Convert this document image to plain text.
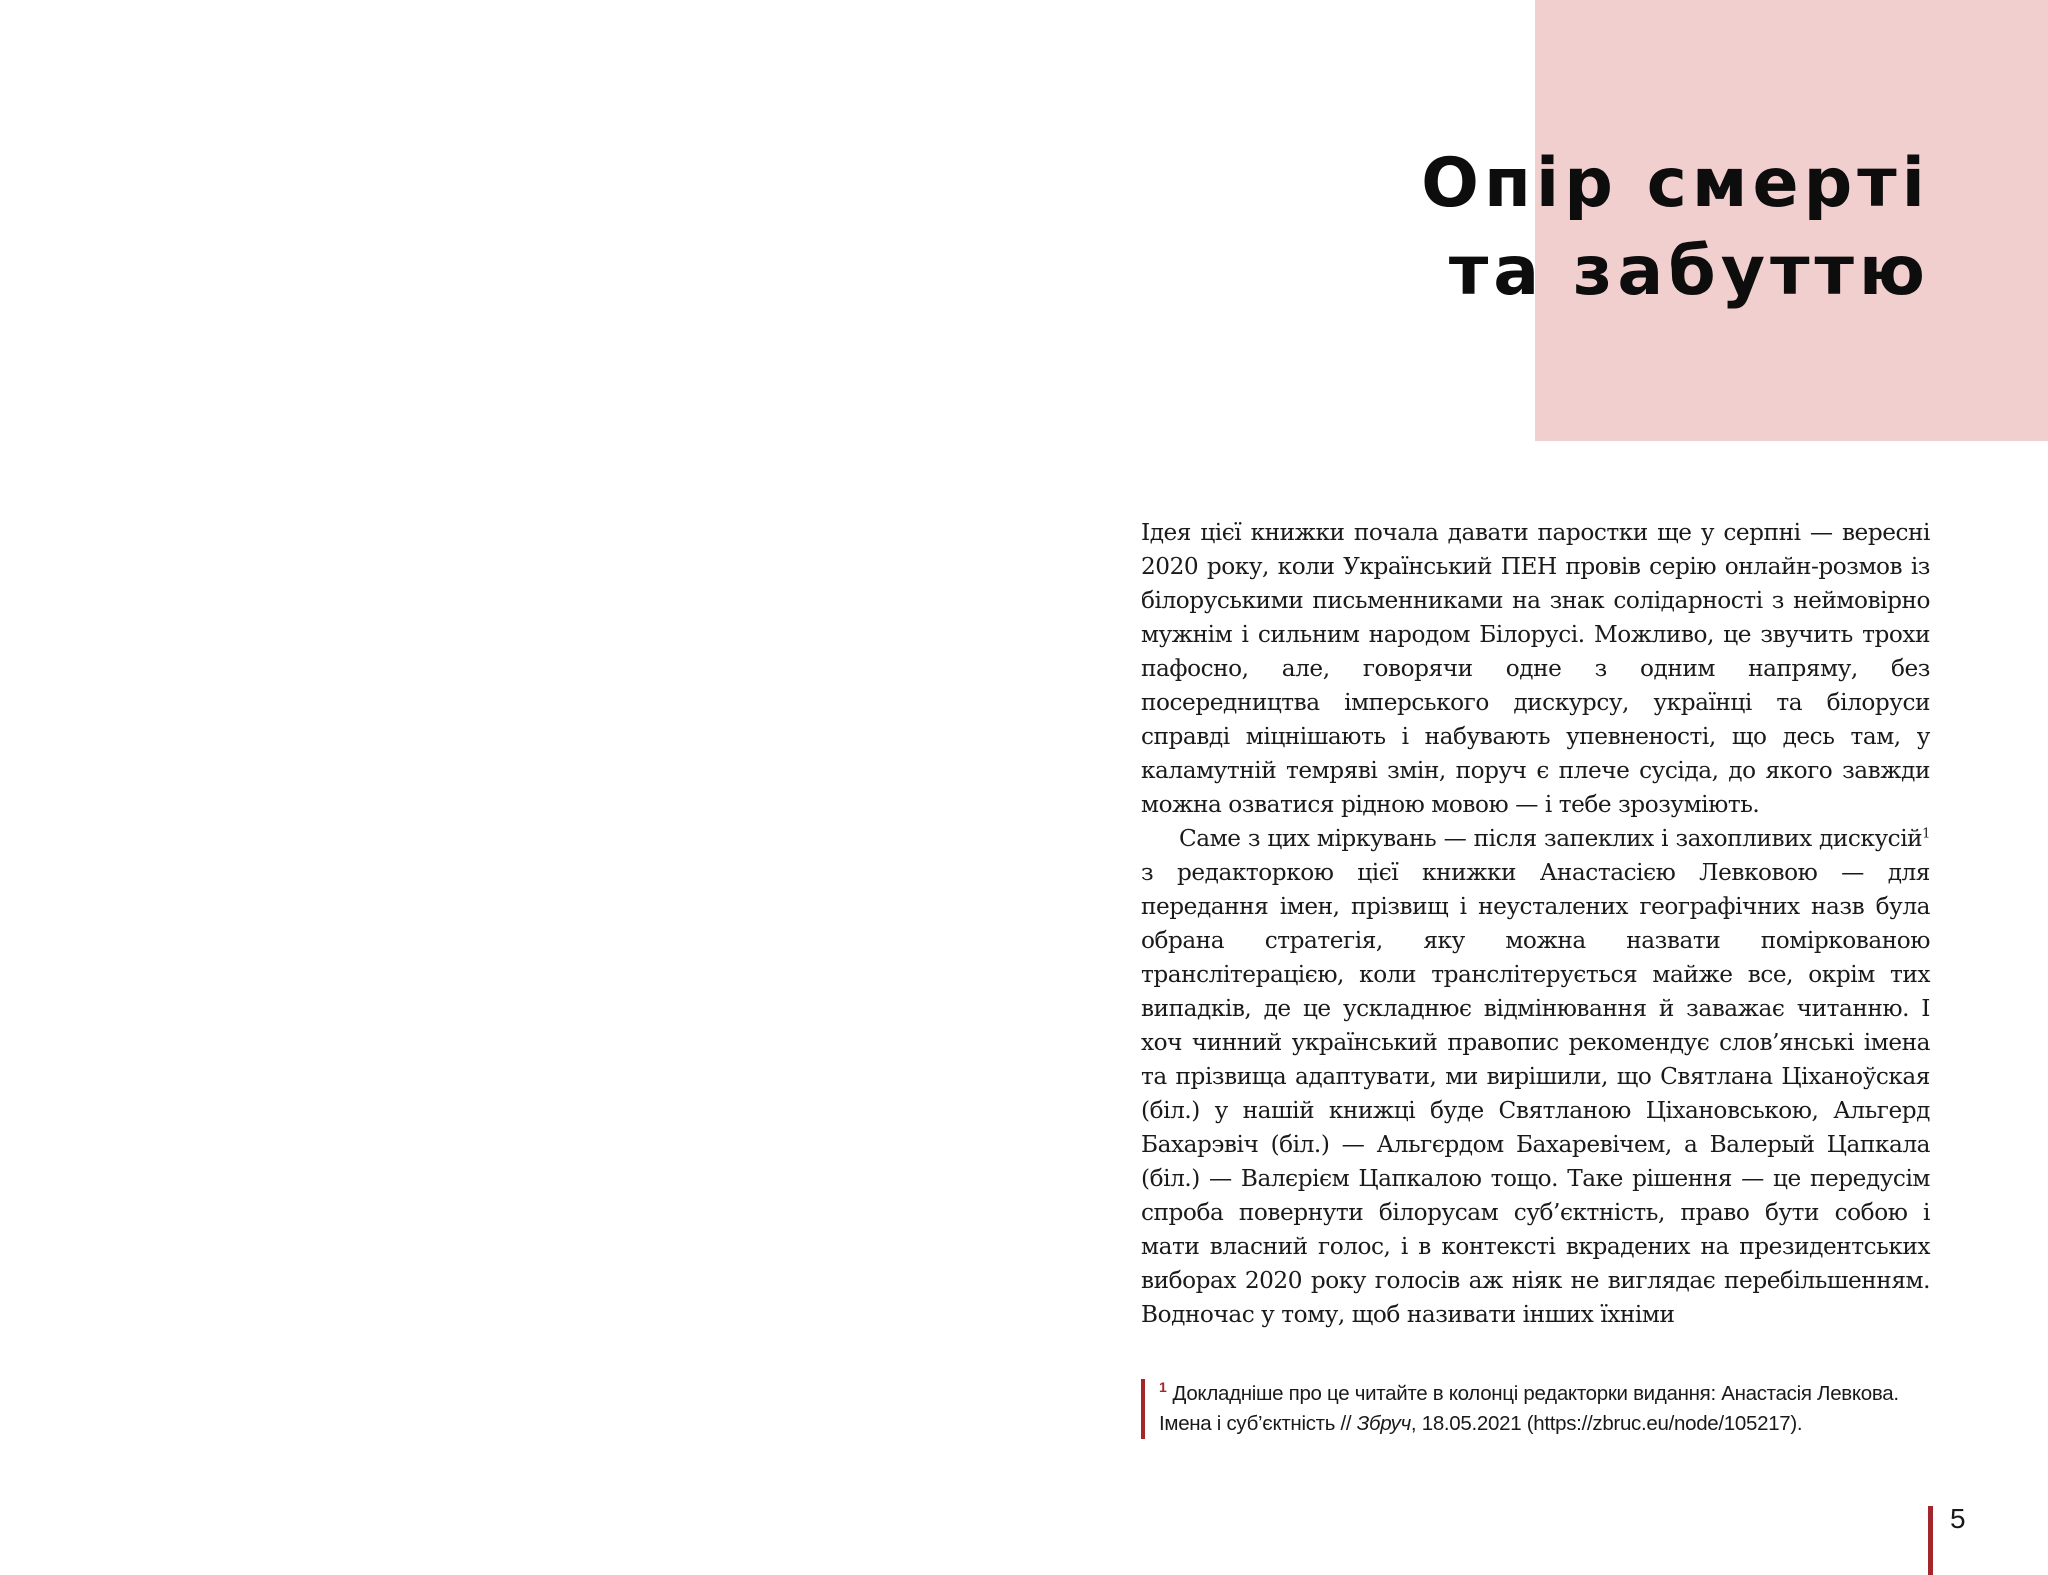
Опір смерті
та забуттю

Ідея цієї книжки почала давати паростки ще у серпні — вересні 2020 року, коли Український ПЕН провів серію онлайн-розмов із білоруськими письменниками на знак солідарності з неймовірно мужнім і сильним народом Білорусі. Можливо, це звучить трохи пафосно, але, говорячи одне з одним напряму, без посередництва імперського дискурсу, українці та білоруси справді міцнішають і набувають упевненості, що десь там, у каламутній темряві змін, поруч є плече сусіда, до якого завжди можна озватися рідною мовою — і тебе зрозуміють.

Саме з цих міркувань — після запеклих і захопливих дискусій$^1$ з редакторкою цієї книжки Анастасією Левковою — для передання імен, прізвищ і неусталених географічних назв була обрана стратегія, яку можна назвати поміркованою транслітерацією, коли транслітерується майже все, окрім тих випадків, де це ускладнює відмінювання й заважає читанню. І хоч чинний український правопис рекомендує слов’янські імена та прізвища адаптувати, ми вирішили, що Святлана Ціханоўская (біл.) у нашій книжці буде Святланою Ціхановською, Альгерд Бахарэвіч (біл.) — Альгєрдом Бахаревічем, а Валерый Цапкала (біл.) — Валєрієм Цапкалою тощо. Таке рішення — це передусім спроба повернути білорусам суб’єктність, право бути собою і мати власний голос, і в контексті вкрадених на президентських виборах 2020 року голосів аж ніяк не виглядає перебільшенням. Водночас у тому, щоб називати інших їхніми

$^1$ Докладніше про це читайте в колонці редакторки видання: Анастасія Левкова. Імена і суб’єктність // Збруч, 18.05.2021 (https://zbruc.eu/node/105217).
5
